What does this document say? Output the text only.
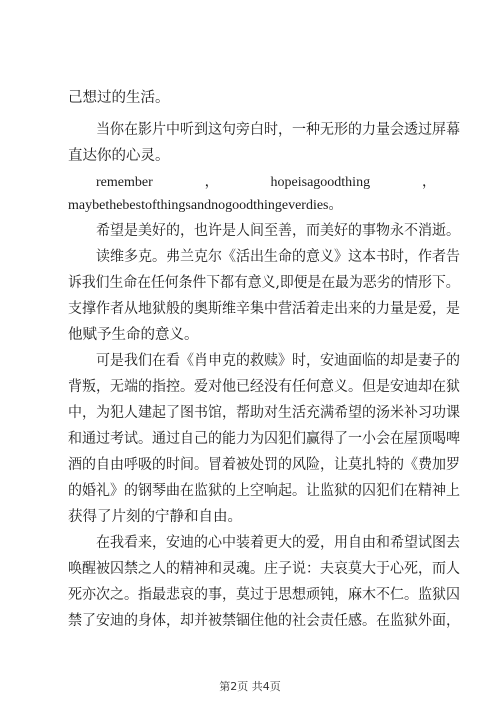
己想过的生活。
当你在影片中听到这句旁白时，一种无形的力量会透过屏幕
直达你的心灵。
remember	，	hopeisagoodthing	，
maybethebestofthingsandnogoodthingeverdies。
希望是美好的，也许是人间至善，而美好的事物永不消逝。
读维多克。弗兰克尔《活出生命的意义》这本书时，作者告
诉我们生命在任何条件下都有意义,即便是在最为恶劣的情形下。
支撑作者从地狱般的奥斯维辛集中营活着走出来的力量是爱，是
他赋予生命的意义。
可是我们在看《肖申克的救赎》时，安迪面临的却是妻子的
背叛，无端的指控。爱对他已经没有任何意义。但是安迪却在狱
中，为犯人建起了图书馆，帮助对生活充满希望的汤米补习功课
和通过考试。通过自己的能力为囚犯们赢得了一小会在屋顶喝啤
酒的自由呼吸的时间。冒着被处罚的风险，让莫扎特的《费加罗
的婚礼》的钢琴曲在监狱的上空响起。让监狱的囚犯们在精神上
获得了片刻的宁静和自由。
在我看来，安迪的心中装着更大的爱，用自由和希望试图去
唤醒被囚禁之人的精神和灵魂。庄子说：夫哀莫大于心死，而人
死亦次之。指最悲哀的事，莫过于思想顽钝，麻木不仁。监狱囚
禁了安迪的身体，却并被禁锢住他的社会责任感。在监狱外面，
第2页 共4页
